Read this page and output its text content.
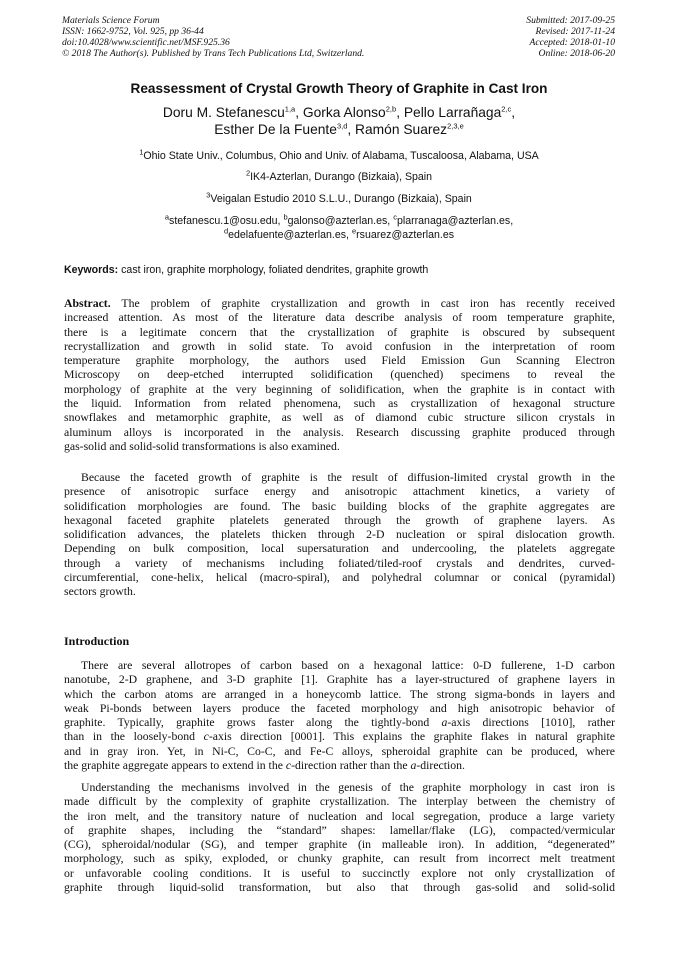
Materials Science Forum
ISSN: 1662-9752, Vol. 925, pp 36-44
doi:10.4028/www.scientific.net/MSF.925.36
© 2018 The Author(s). Published by Trans Tech Publications Ltd, Switzerland.
Submitted: 2017-09-25
Revised: 2017-11-24
Accepted: 2018-01-10
Online: 2018-06-20
Reassessment of Crystal Growth Theory of Graphite in Cast Iron
Doru M. Stefanescu$^{1,a}$, Gorka Alonso$^{2,b}$, Pello Larrañaga$^{2,c}$,
Esther De la Fuente$^{3,d}$, Ramón Suarez$^{2,3,e}$
$^1$Ohio State Univ., Columbus, Ohio and Univ. of Alabama, Tuscaloosa, Alabama, USA
$^2$IK4-Azterlan, Durango (Bizkaia), Spain
$^3$Veigalan Estudio 2010 S.L.U., Durango (Bizkaia), Spain
$^a$stefanescu.1@osu.edu, $^b$galonso@azterlan.es, $^c$plarranaga@azterlan.es,
$^d$edelafuente@azterlan.es, $^e$rsuarez@azterlan.es
Keywords: cast iron, graphite morphology, foliated dendrites, graphite growth
Abstract. The problem of graphite crystallization and growth in cast iron has recently received
increased attention. As most of the literature data describe analysis of room temperature graphite,
there is a legitimate concern that the crystallization of graphite is obscured by subsequent
recrystallization and growth in solid state. To avoid confusion in the interpretation of room
temperature graphite morphology, the authors used Field Emission Gun Scanning Electron
Microscopy on deep-etched interrupted solidification (quenched) specimens to reveal the
morphology of graphite at the very beginning of solidification, when the graphite is in contact with
the liquid. Information from related phenomena, such as crystallization of hexagonal structure
snowflakes and metamorphic graphite, as well as of diamond cubic structure silicon crystals in
aluminum alloys is incorporated in the analysis. Research discussing graphite produced through
gas-solid and solid-solid transformations is also examined.
Because the faceted growth of graphite is the result of diffusion-limited crystal growth in the
presence of anisotropic surface energy and anisotropic attachment kinetics, a variety of
solidification morphologies are found. The basic building blocks of the graphite aggregates are
hexagonal faceted graphite platelets generated through the growth of graphene layers. As
solidification advances, the platelets thicken through 2-D nucleation or spiral dislocation growth.
Depending on bulk composition, local supersaturation and undercooling, the platelets aggregate
through a variety of mechanisms including foliated/tiled-roof crystals and dendrites, curved-
circumferential, cone-helix, helical (macro-spiral), and polyhedral columnar or conical (pyramidal)
sectors growth.
Introduction
There are several allotropes of carbon based on a hexagonal lattice: 0-D fullerene, 1-D carbon
nanotube, 2-D graphene, and 3-D graphite [1]. Graphite has a layer-structured of graphene layers in
which the carbon atoms are arranged in a honeycomb lattice. The strong sigma-bonds in layers and
weak Pi-bonds between layers produce the faceted morphology and high anisotropic behavior of
graphite. Typically, graphite grows faster along the tightly-bond a-axis directions [1010], rather
than in the loosely-bond c-axis direction [0001]. This explains the graphite flakes in natural graphite
and in gray iron. Yet, in Ni-C, Co-C, and Fe-C alloys, spheroidal graphite can be produced, where
the graphite aggregate appears to extend in the c-direction rather than the a-direction.
Understanding the mechanisms involved in the genesis of the graphite morphology in cast iron is
made difficult by the complexity of graphite crystallization. The interplay between the chemistry of
the iron melt, and the transitory nature of nucleation and local segregation, produce a large variety
of graphite shapes, including the “standard” shapes: lamellar/flake (LG), compacted/vermicular
(CG), spheroidal/nodular (SG), and temper graphite (in malleable iron). In addition, “degenerated”
morphology, such as spiky, exploded, or chunky graphite, can result from incorrect melt treatment
or unfavorable cooling conditions. It is useful to succinctly explore not only crystallization of
graphite through liquid-solid transformation, but also that through gas-solid and solid-solid
